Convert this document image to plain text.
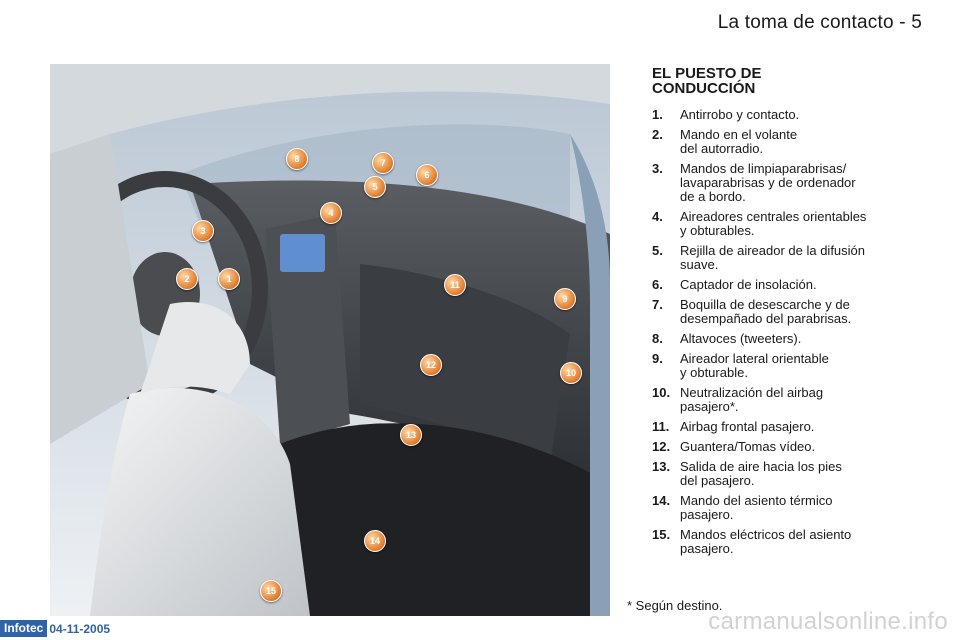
La toma de contacto - 5
8	7
6
5
4
3
2	1
11
9
12
10
13
14
15
EL PUESTO DE
CONDUCCIÓN
1.	Antirrobo y contacto.
2.	Mando en el volante
del autorradio.
3.	Mandos de limpiaparabrisas/
lavaparabrisas y de ordenador
de a bordo.
4.	Aireadores centrales orientables
y obturables.
5.	Rejilla de aireador de la difusión
suave.
6.	Captador de insolación.
7.	Boquilla de desescarche y de
desempañado del parabrisas.
8.	Altavoces (tweeters).
9.	Aireador lateral orientable
y obturable.
10. Neutralización del airbag
pasajero*.
11. Airbag frontal pasajero.
12. Guantera/Tomas vídeo.
13. Salida de aire hacia los pies
del pasajero.
14. Mando del asiento térmico
pasajero.
15. Mandos eléctricos del asiento
pasajero.
* Según destino.
Infotec 04-11-2005	carmanualsonline.info
